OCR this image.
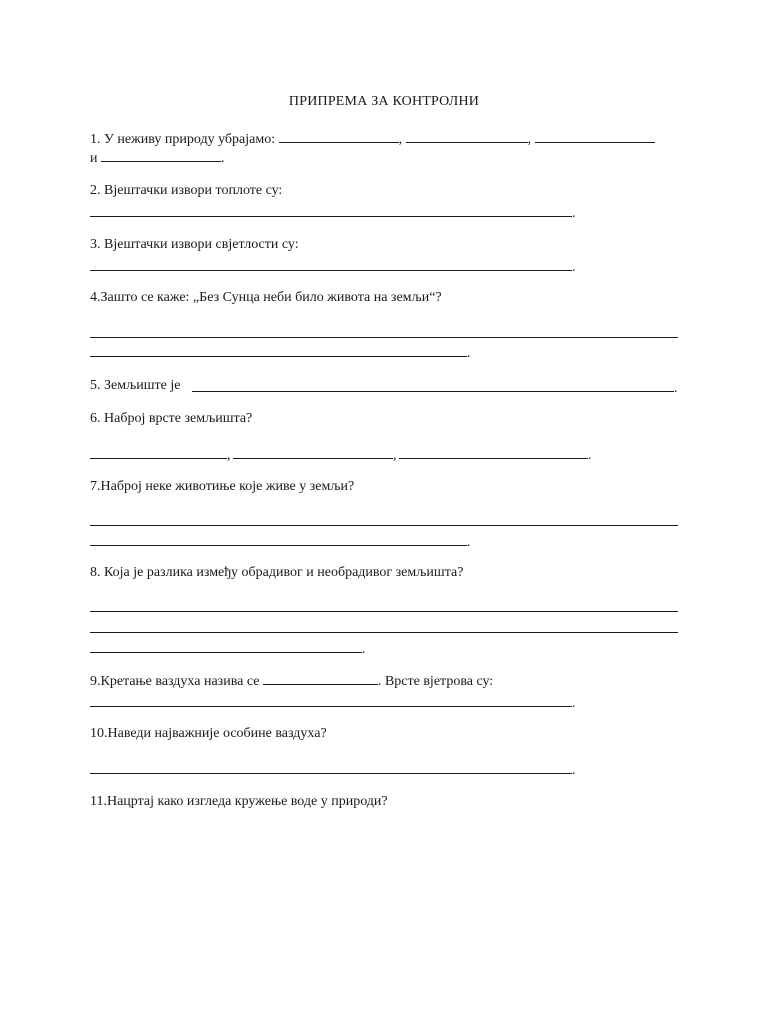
ПРИПРЕМА ЗА КОНТРОЛНИ
1. У неживу природу убрајамо:	,	,
и	.
2. Вјештачки извори топлоте су:
.
3. Вјештачки извори свјетлости су:
.
4.Зашто се каже: „Без Сунца неби било живота на земљи“?
.
5. Земљиште је	.
6. Наброј врсте земљишта?
,	,	.
7.Наброј неке животиње које живе у земљи?
.
8. Која је разлика између обрадивог и необрадивог земљишта?
.
9.Кретање ваздуха назива се	. Врсте вјетрова су:
.
10.Наведи најважније особине ваздуха?
.
11.Нацртај како изгледа кружење воде у природи?
